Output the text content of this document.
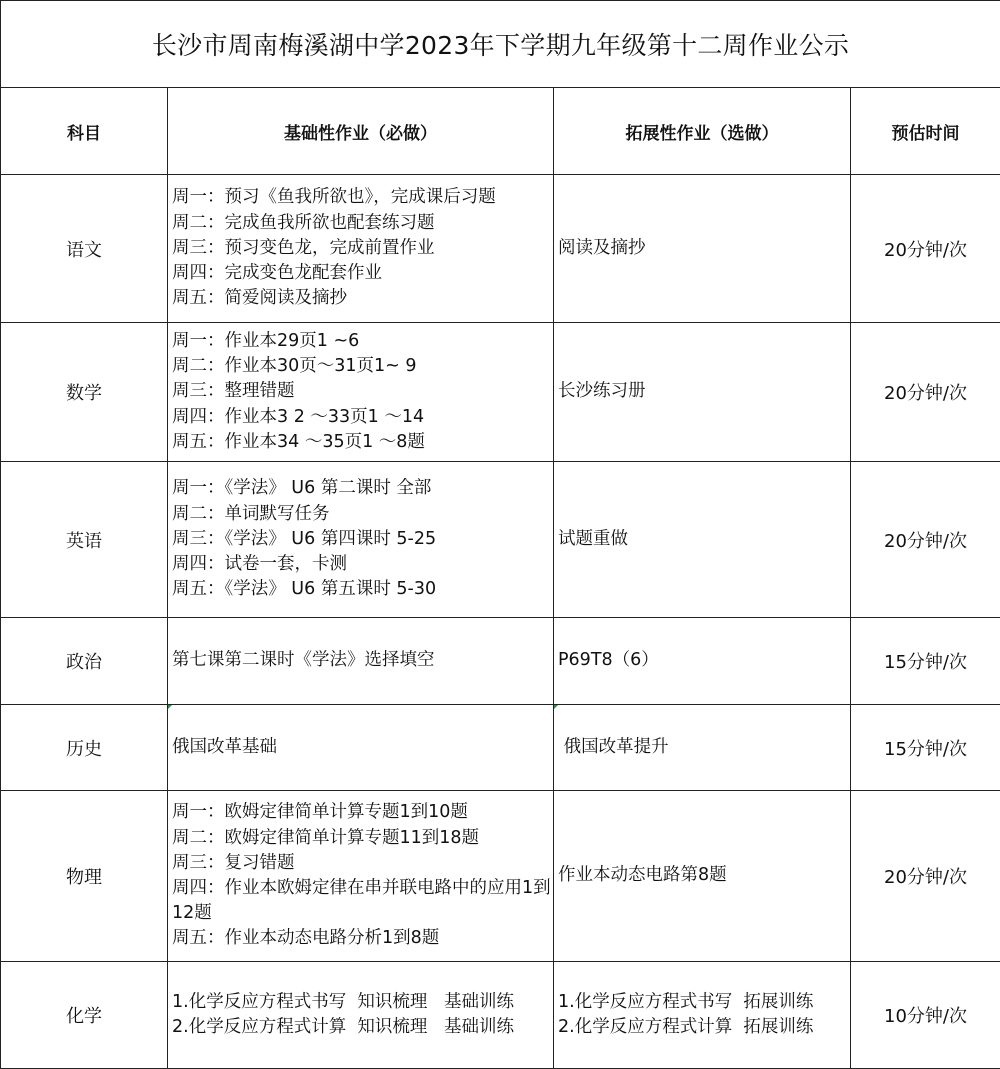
长沙市周南梅溪湖中学2023年下学期九年级第十二周作业公示			
科目	基础性作业（必做）	拓展性作业（选做）	预估时间
语文	周一：预习《鱼我所欲也》，完成课后习题
周二：完成鱼我所欲也配套练习题
周三：预习变色龙，完成前置作业
周四：完成变色龙配套作业
周五：简爱阅读及摘抄	阅读及摘抄	20分钟/次
数学	周一：作业本29页1 ~6
周二：作业本30页～31页1~ 9
周三：整理错题
周四：作业本3 2 ～33页1 ～14
周五：作业本34 ～35页1 ～8题	长沙练习册	20分钟/次
英语	周一：《学法》 U6 第二课时 全部
周二：单词默写任务
周三：《学法》 U6 第四课时 5-25
周四：试卷一套，卡测
周五：《学法》 U6 第五课时 5-30	试题重做	20分钟/次
政治	第七课第二课时《学法》选择填空	P69T8（6）	15分钟/次
历史	俄国改革基础	俄国改革提升	15分钟/次
物理	周一：欧姆定律简单计算专题1到10题
周二：欧姆定律简单计算专题11到18题
周三：复习错题
周四：作业本欧姆定律在串并联电路中的应用1到12题
周五：作业本动态电路分析1到8题	作业本动态电路第8题	20分钟/次
化学	1.化学反应方程式书写  知识梳理   基础训练
2.化学反应方程式计算  知识梳理   基础训练	1.化学反应方程式书写  拓展训练
2.化学反应方程式计算  拓展训练	10分钟/次
